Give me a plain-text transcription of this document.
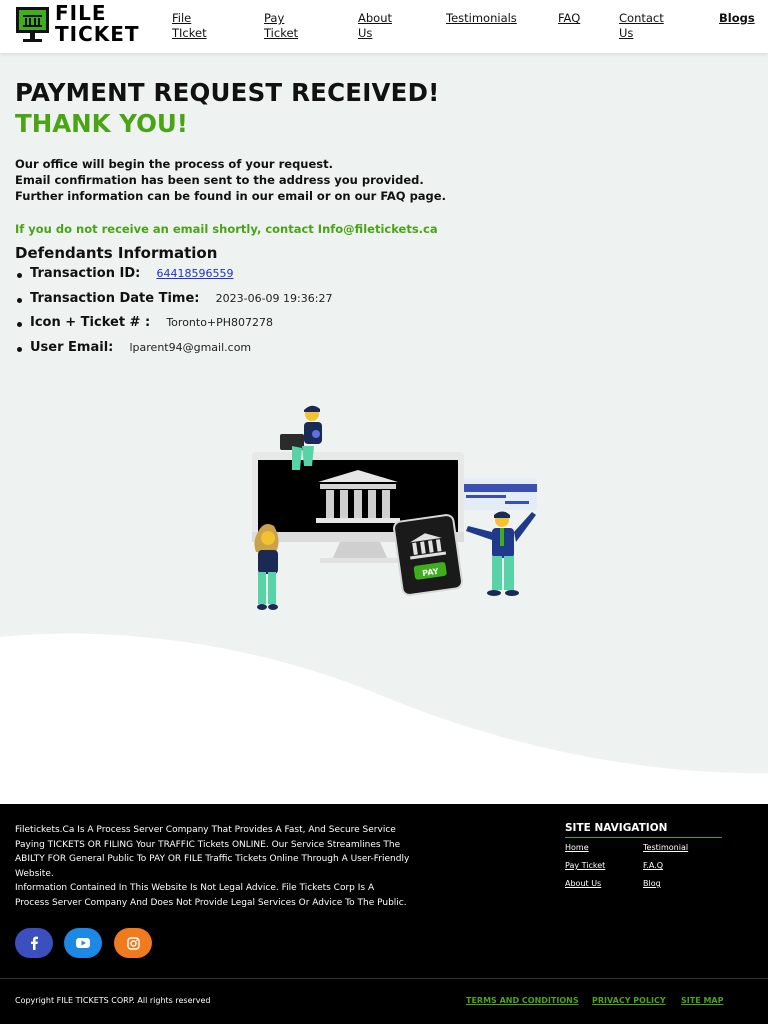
FILE
TICKET
File
TIcket
Pay
Ticket
About
Us
Testimonials	FAQ	Contact
Us
Blogs
PAYMENT REQUEST RECEIVED!
THANK YOU!
Our office will begin the process of your request.
Email confirmation has been sent to the address you provided.
Further information can be found in our email or on our FAQ page.
If you do not receive an email shortly, contact Info@filetickets.ca
Defendants Information
Transaction ID: 64418596559
Transaction Date Time: 2023-06-09 19:36:27
Icon + Ticket # : Toronto+PH807278
User Email: lparent94@gmail.com
PAY
Filetickets.Ca Is A Process Server Company That Provides A Fast, And Secure Service
Paying TICKETS OR FILING Your TRAFFIC Tickets ONLINE. Our Service Streamlines The
ABILTY FOR General Public To PAY OR FILE Traffic Tickets Online Through A User-Friendly
Website.
Information Contained In This Website Is Not Legal Advice. File Tickets Corp Is A
Process Server Company And Does Not Provide Legal Services Or Advice To The Public.
SITE NAVIGATION
Home	Testimonial
Pay Ticket	F.A.Q
About Us	Blog
Copyright FILE TICKETS CORP. All rights reserved	TERMS AND CONDITIONS PRIVACY POLICY SITE MAP
